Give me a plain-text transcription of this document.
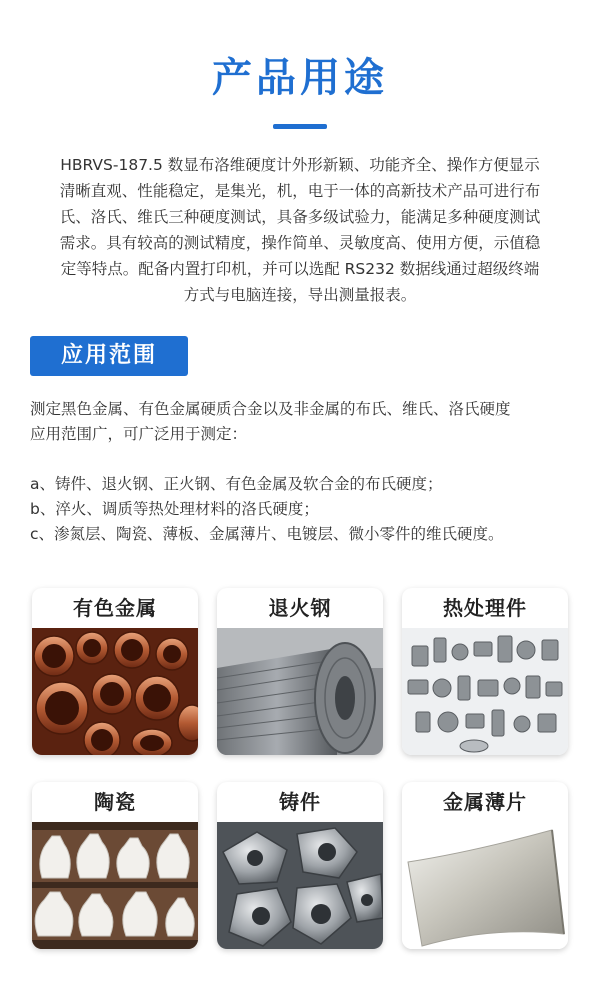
产品用途
HBRVS-187.5 数显布洛维硬度计外形新颖、功能齐全、操作方便显示
清晰直观、性能稳定，是集光，机，电于一体的高新技术产品可进行布
氏、洛氏、维氏三种硬度测试，具备多级试验力，能满足多种硬度测试
需求。具有较高的测试精度，操作简单、灵敏度高、使用方便，示值稳
定等特点。配备内置打印机，并可以选配 RS232 数据线通过超级终端
方式与电脑连接，导出测量报表。
应用范围

测定黑色金属、有色金属硬质合金以及非金属的布氏、维氏、洛氏硬度

应用范围广，可广泛用于测定：

a、铸件、退火钢、正火钢、有色金属及软合金的布氏硬度；

b、淬火、调质等热处理材料的洛氏硬度；

c、渗氮层、陶瓷、薄板、金属薄片、电镀层、微小零件的维氏硬度。

有色金属	退火钢	热处理件
陶瓷	铸件	金属薄片
